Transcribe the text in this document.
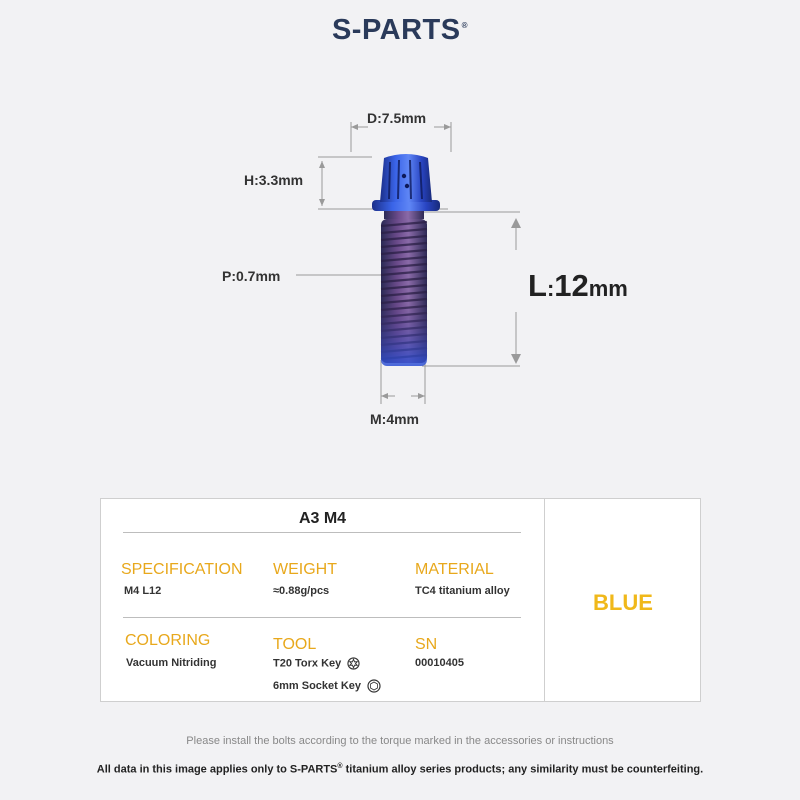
S-PARTS®
D:7.5mm
H:3.3mm
P:0.7mm	L:12mm
M:4mm
A3 M4
SPECIFICATION
M4 L12
WEIGHT
≈0.88g/pcs
MATERIAL
TC4 titanium alloy
COLORING
Vacuum Nitriding
TOOL
T20 Torx Key
6mm Socket Key
SN
00010405
BLUE
Please install the bolts according to the torque marked in the accessories or instructions
All data in this image applies only to S-PARTS® titanium alloy series products; any similarity must be counterfeiting.
